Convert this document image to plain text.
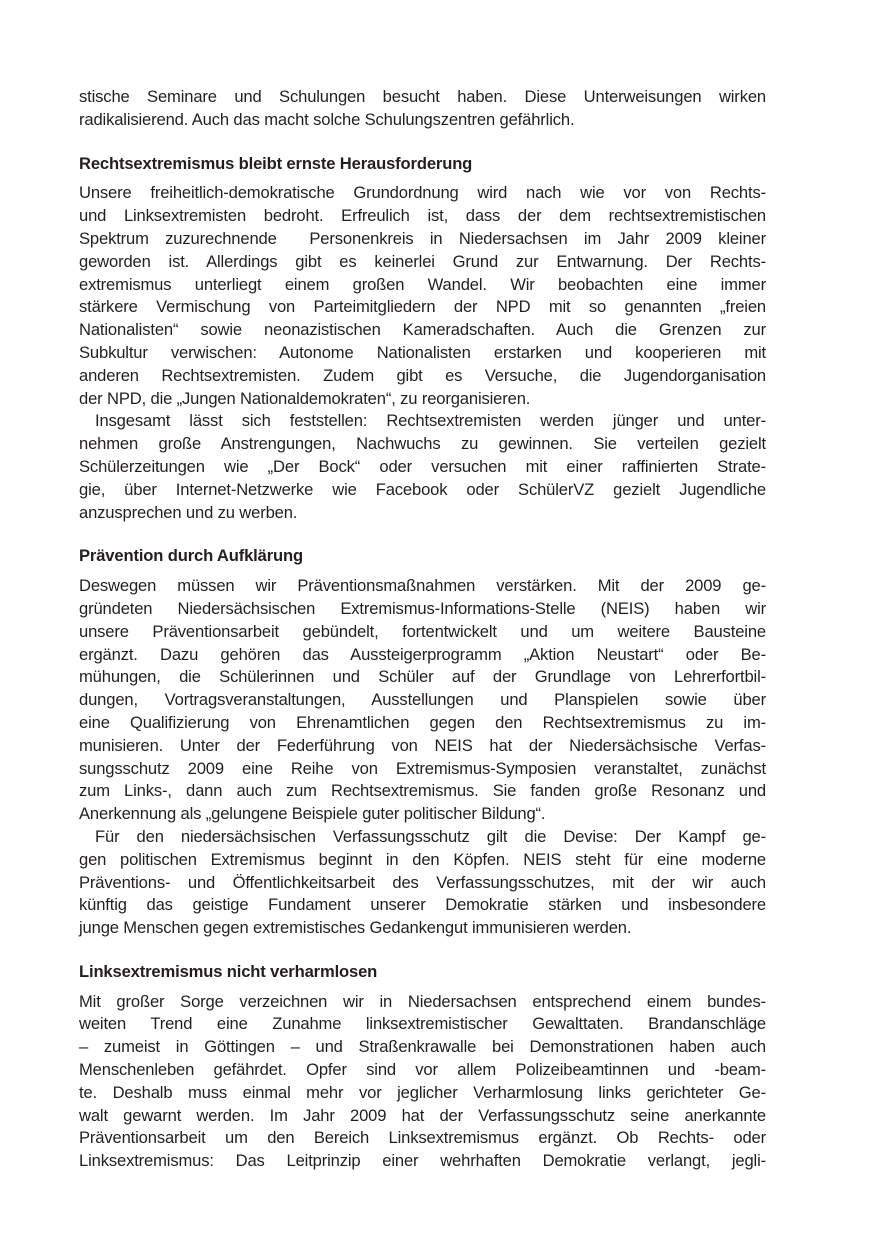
stische Seminare und Schulungen besucht haben. Diese Unterweisungen wirken
radikalisierend. Auch das macht solche Schulungszentren gefährlich.
Rechtsextremismus bleibt ernste Herausforderung
Unsere freiheitlich-demokratische Grundordnung wird nach wie vor von Rechts-
und Linksextremisten bedroht. Erfreulich ist, dass der dem rechtsextremistischen
Spektrum zuzurechnende  Personenkreis in Niedersachsen im Jahr 2009 kleiner
geworden ist. Allerdings gibt es keinerlei Grund zur Entwarnung. Der Rechts-
extremismus unterliegt einem großen Wandel. Wir beobachten eine immer
stärkere Vermischung von Parteimitgliedern der NPD mit so genannten „freien
Nationalisten“ sowie neonazistischen Kameradschaften. Auch die Grenzen zur
Subkultur verwischen: Autonome Nationalisten erstarken und kooperieren mit
anderen Rechtsextremisten. Zudem gibt es Versuche, die Jugendorganisation
der NPD, die „Jungen Nationaldemokraten“, zu reorganisieren.
Insgesamt lässt sich feststellen: Rechtsextremisten werden jünger und unter-
nehmen große Anstrengungen, Nachwuchs zu gewinnen. Sie verteilen gezielt
Schülerzeitungen wie „Der Bock“ oder versuchen mit einer raffinierten Strate-
gie, über Internet-Netzwerke wie Facebook oder SchülerVZ gezielt Jugendliche
anzusprechen und zu werben.
Prävention durch Aufklärung
Deswegen müssen wir Präventionsmaßnahmen verstärken. Mit der 2009 ge-
gründeten Niedersächsischen Extremismus-Informations-Stelle (NEIS) haben wir
unsere Präventionsarbeit gebündelt, fortentwickelt und um weitere Bausteine
ergänzt. Dazu gehören das Aussteigerprogramm „Aktion Neustart“ oder Be-
mühungen, die Schülerinnen und Schüler auf der Grundlage von Lehrerfortbil-
dungen, Vortragsveranstaltungen, Ausstellungen und Planspielen sowie über
eine Qualifizierung von Ehrenamtlichen gegen den Rechtsextremismus zu im-
munisieren. Unter der Federführung von NEIS hat der Niedersächsische Verfas-
sungsschutz 2009 eine Reihe von Extremismus-Symposien veranstaltet, zunächst
zum Links-, dann auch zum Rechtsextremismus. Sie fanden große Resonanz und
Anerkennung als „gelungene Beispiele guter politischer Bildung“.
Für den niedersächsischen Verfassungsschutz gilt die Devise: Der Kampf ge-
gen politischen Extremismus beginnt in den Köpfen. NEIS steht für eine moderne
Präventions- und Öffentlichkeitsarbeit des Verfassungsschutzes, mit der wir auch
künftig das geistige Fundament unserer Demokratie stärken und insbesondere
junge Menschen gegen extremistisches Gedankengut immunisieren werden.
Linksextremismus nicht verharmlosen
Mit großer Sorge verzeichnen wir in Niedersachsen entsprechend einem bundes-
weiten Trend eine Zunahme linksextremistischer Gewalttaten. Brandanschläge
– zumeist in Göttingen – und Straßenkrawalle bei Demonstrationen haben auch
Menschenleben gefährdet. Opfer sind vor allem Polizeibeamtinnen und -beam-
te. Deshalb muss einmal mehr vor jeglicher Verharmlosung links gerichteter Ge-
walt gewarnt werden. Im Jahr 2009 hat der Verfassungsschutz seine anerkannte
Präventionsarbeit um den Bereich Linksextremismus ergänzt. Ob Rechts- oder
Linksextremismus: Das Leitprinzip einer wehrhaften Demokratie verlangt, jegli-
